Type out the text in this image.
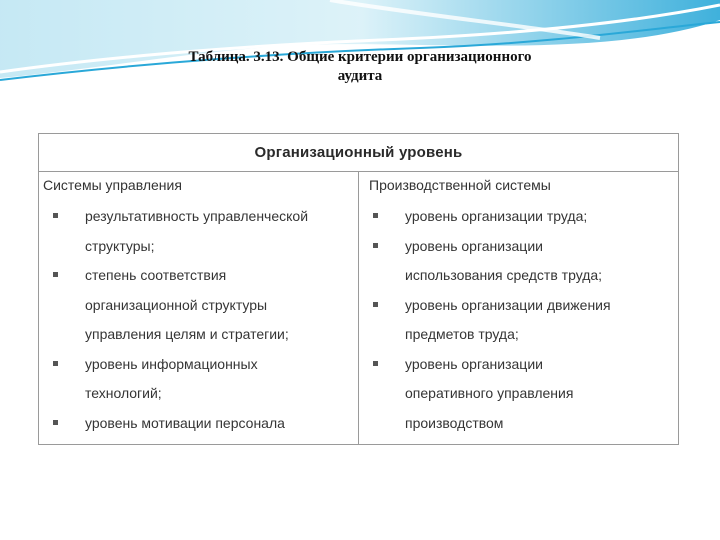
Таблица. 3.13. Общие критерии организационного
аудита
Организационный уровень
Системы управления
результативность управленческой
структуры;
степень соответствия
организационной структуры
управления целям и стратегии;
уровень информационных
технологий;
уровень мотивации персонала
Производственной системы
уровень организации труда;
уровень организации
использования средств труда;
уровень организации движения
предметов труда;
уровень организации
оперативного управления
производством
